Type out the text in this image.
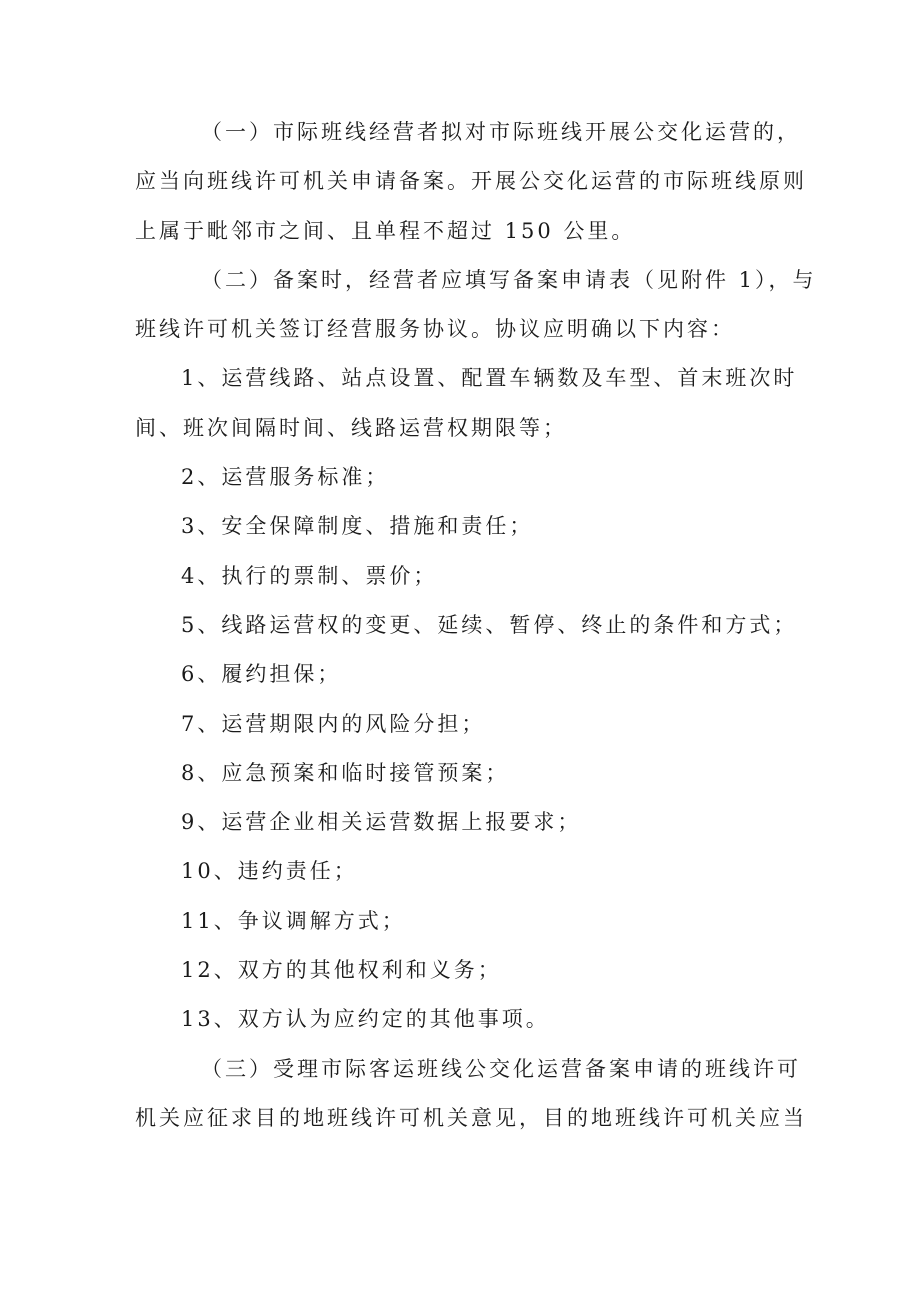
（一）市际班线经营者拟对市际班线开展公交化运营的，

应当向班线许可机关申请备案。开展公交化运营的市际班线原则

上属于毗邻市之间、且单程不超过 150 公里。

（二）备案时，经营者应填写备案申请表（见附件 1），与

班线许可机关签订经营服务协议。协议应明确以下内容：

1、运营线路、站点设置、配置车辆数及车型、首末班次时

间、班次间隔时间、线路运营权期限等；

2、运营服务标准；

3、安全保障制度、措施和责任；

4、执行的票制、票价；

5、线路运营权的变更、延续、暂停、终止的条件和方式；

6、履约担保；

7、运营期限内的风险分担；

8、应急预案和临时接管预案；

9、运营企业相关运营数据上报要求；

10、违约责任；

11、争议调解方式；

12、双方的其他权利和义务；

13、双方认为应约定的其他事项。

（三）受理市际客运班线公交化运营备案申请的班线许可

机关应征求目的地班线许可机关意见，目的地班线许可机关应当
